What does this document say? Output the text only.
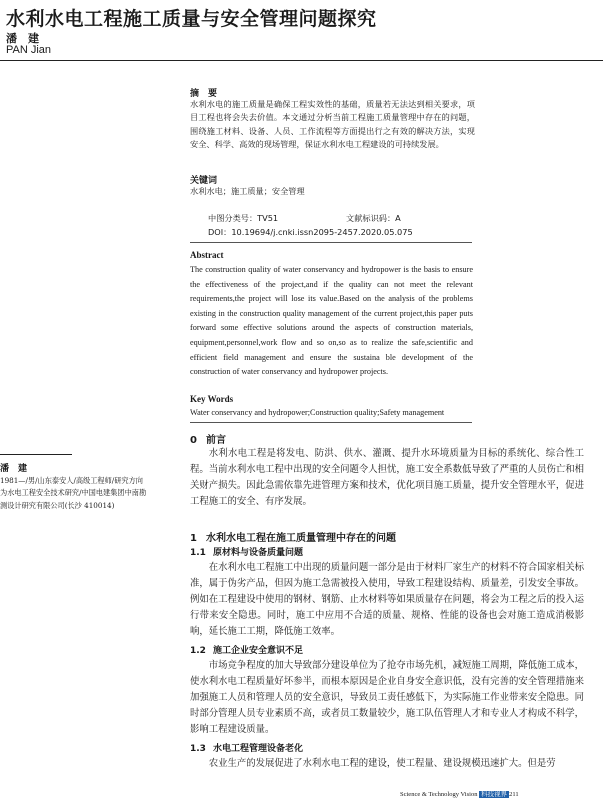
水利水电工程施工质量与安全管理问题探究
潘　建
PAN Jian
摘　要
水利水电的施工质量是确保工程实效性的基础，质量若无法达到相关要求，项目工程也将会失去价值。本文通过分析当前工程施工质量管理中存在的问题，围绕施工材料、设备、人员、工作流程等方面提出行之有效的解决方法，实现安全、科学、高效的现场管理，保证水利水电工程建设的可持续发展。
关键词
水利水电；施工质量；安全管理
中图分类号：TV51	文献标识码：A
DOI：10.19694/j.cnki.issn2095-2457.2020.05.075
Abstract
The construction quality of water conservancy and hydropower is the basis to ensure the effectiveness of the project,and if the quality can not meet the relevant requirements,the project will lose its value.Based on the analysis of the problems existing in the construction quality management of the current project,this paper puts forward some effective solutions around the aspects of construction materials, equipment,personnel,work flow and so on,so as to realize the safe,scientific and efficient field management and ensure the sustaina ble development of the construction of water conservancy and hydropower projects.
Key Words
Water conservancy and hydropower;Construction quality;Safety management
潘　建
1981—/男/山东泰安人/高级工程师/研究方向为水电工程安全技术研究/中国电建集团中南勘测设计研究有限公司(长沙 410014)
0 前言
水利水电工程是将发电、防洪、供水、灌溉、提升水环境质量为目标的系统化、综合性工程。当前水利水电工程中出现的安全问题令人担忧，施工安全系数低导致了严重的人员伤亡和相关财产损失。因此急需依靠先进管理方案和技术，优化项目施工质量，提升安全管理水平，促进工程施工的安全、有序发展。
1 水利水电工程在施工质量管理中存在的问题
1.1 原材料与设备质量问题
在水利水电工程施工中出现的质量问题一部分是由于材料厂家生产的材料不符合国家相关标准，属于伪劣产品，但因为施工急需被投入使用，导致工程建设结构、质量差，引发安全事故。例如在工程建设中使用的钢材、钢筋、止水材料等如果质量存在问题，将会为工程之后的投入运行带来安全隐患。同时，施工中应用不合适的质量、规格、性能的设备也会对施工造成消极影响，延长施工工期，降低施工效率。
1.2 施工企业安全意识不足
市场竞争程度的加大导致部分建设单位为了抢夺市场先机，减短施工周期，降低施工成本，使水利水电工程质量好坏参半，而根本原因是企业自身安全意识低，没有完善的安全管理措施来加强施工人员和管理人员的安全意识，导致员工责任感低下，为实际施工作业带来安全隐患。同时部分管理人员专业素质不高，或者员工数量较少，施工队伍管理人才和专业人才构成不科学，影响工程建设质量。
1.3 水电工程管理设备老化
农业生产的发展促进了水利水电工程的建设，使工程量、建设规模迅速扩大。但是劳
Science & Technology Vision 科技视界 211
